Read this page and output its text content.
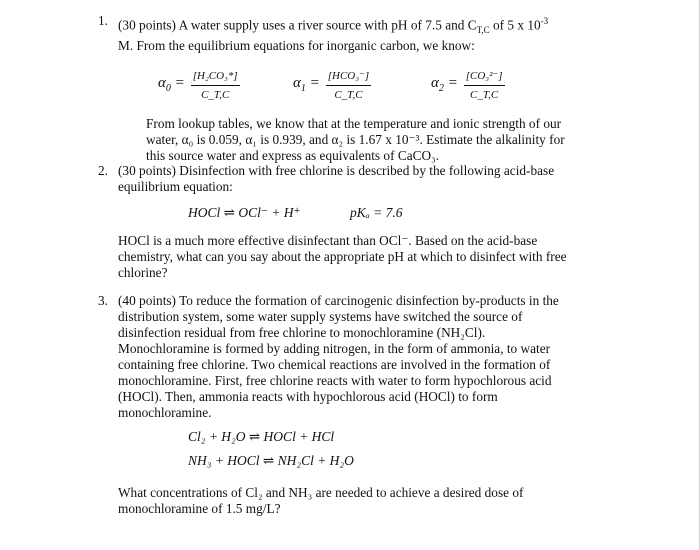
1. (30 points) A water supply uses a river source with pH of 7.5 and $C_{T,C}$ of 5 x $10^{-3}$
M. From the equilibrium equations for inorganic carbon, we know:

$\alpha_0 = \frac{\text{[H₂CO₃*]}}{C\_T,C}$	$\alpha_1 = \frac{\text{[HCO₃⁻]}}{C\_T,C}$	$\alpha_2 = \frac{\text{[CO₃²⁻]}}{C\_T,C}$

From lookup tables, we know that at the temperature and ionic strength of our water, α₀ is 0.059, α₁ is 0.939, and α₂ is 1.67 x 10⁻³. Estimate the alkalinity for this source water and express as equivalents of CaCO₃.

2. (30 points) Disinfection with free chlorine is described by the following acid-base equilibrium equation:

HOCl ⇌ OCl⁻ + H⁺	pKₐ = 7.6

HOCl is a much more effective disinfectant than OCl⁻. Based on the acid-base chemistry, what can you say about the appropriate pH at which to disinfect with free chlorine?

3. (40 points) To reduce the formation of carcinogenic disinfection by-products in the distribution system, some water supply systems have switched the source of disinfection residual from free chlorine to monochloramine (NH₂Cl). Monochloramine is formed by adding nitrogen, in the form of ammonia, to water containing free chlorine. Two chemical reactions are involved in the formation of monochloramine. First, free chlorine reacts with water to form hypochlorous acid (HOCl). Then, ammonia reacts with hypochlorous acid (HOCl) to form monochloramine.

Cl₂ + H₂O ⇌ HOCl + HCl
NH₃ + HOCl ⇌ NH₂Cl + H₂O

What concentrations of Cl₂ and NH₃ are needed to achieve a desired dose of monochloramine of 1.5 mg/L?
